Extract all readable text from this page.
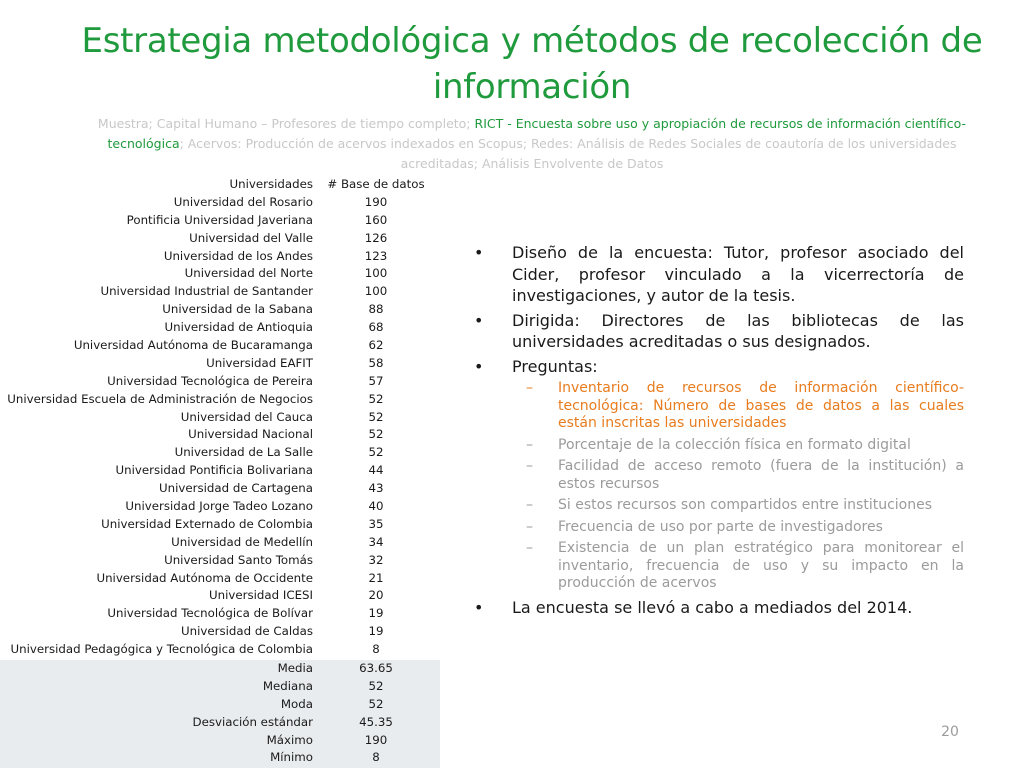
Estrategia metodológica y métodos de recolección de información
Muestra; Capital Humano – Profesores de tiempo completo; RICT - Encuesta sobre uso y apropiación de recursos de información científico-tecnológica; Acervos: Producción de acervos indexados en Scopus; Redes: Análisis de Redes Sociales de coautoría de los universidades acreditadas; Análisis Envolvente de Datos
Universidades	# Base de datos
Universidad del Rosario	190
Pontificia Universidad Javeriana	160
Universidad del Valle	126
Universidad de los Andes	123
Universidad del Norte	100
Universidad Industrial de Santander	100
Universidad de la Sabana	88
Universidad de Antioquia	68
Universidad Autónoma de Bucaramanga	62
Universidad EAFIT	58
Universidad Tecnológica de Pereira	57
Universidad Escuela de Administración de Negocios	52
Universidad del Cauca	52
Universidad Nacional	52
Universidad de La Salle	52
Universidad Pontificia Bolivariana	44
Universidad de Cartagena	43
Universidad Jorge Tadeo Lozano	40
Universidad Externado de Colombia	35
Universidad de Medellín	34
Universidad Santo Tomás	32
Universidad Autónoma de Occidente	21
Universidad ICESI	20
Universidad Tecnológica de Bolívar	19
Universidad de Caldas	19
Universidad Pedagógica y Tecnológica de Colombia	8
Media	63.65
Mediana	52
Moda	52
Desviación estándar	45.35
Máximo	190
Mínimo	8
• Diseño de la encuesta: Tutor, profesor asociado del Cider, profesor vinculado a la vicerrectoría de investigaciones, y autor de la tesis.
• Dirigida: Directores de las bibliotecas de las universidades acreditadas o sus designados.
• Preguntas:
– Inventario de recursos de información científico-tecnológica: Número de bases de datos a las cuales están inscritas las universidades
– Porcentaje de la colección física en formato digital
– Facilidad de acceso remoto (fuera de la institución) a estos recursos
– Si estos recursos son compartidos entre instituciones
– Frecuencia de uso por parte de investigadores
– Existencia de un plan estratégico para monitorear el inventario, frecuencia de uso y su impacto en la producción de acervos
• La encuesta se llevó a cabo a mediados del 2014.
20
